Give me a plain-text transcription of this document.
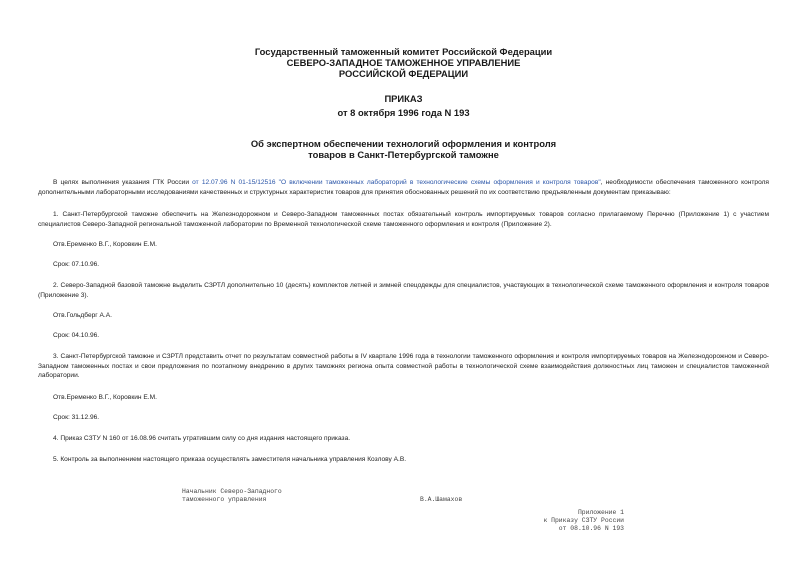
Государственный таможенный комитет Российской Федерации
СЕВЕРО-ЗАПАДНОЕ ТАМОЖЕННОЕ УПРАВЛЕНИЕ
РОССИЙСКОЙ ФЕДЕРАЦИИ
ПРИКАЗ
от 8 октября 1996 года N 193
Об экспертном обеспечении технологий оформления и контроля
товаров в Санкт-Петербургской таможне
В целях выполнения указания ГТК России от 12.07.96 N 01-15/12516 "О включении таможенных лабораторий в технологические схемы оформления и контроля товаров", необходимости обеспечения таможенного контроля дополнительными лабораторными исследованиями качественных и структурных характеристик товаров для принятия обоснованных решений по их соответствию предъявленным документам приказываю:
1. Санкт-Петербургской таможне обеспечить на Железнодорожном и Северо-Западном таможенных постах обязательный контроль импортируемых товаров согласно прилагаемому Перечню (Приложение 1) с участием специалистов Северо-Западной региональной таможенной лаборатории по Временной технологической схеме таможенного оформления и контроля (Приложение 2).
Отв.Еременко В.Г., Коровкин Е.М.
Срок: 07.10.96.
2. Северо-Западной базовой таможне выделить СЗРТЛ дополнительно 10 (десять) комплектов летней и зимней спецодежды для специалистов, участвующих в технологической схеме таможенного оформления и контроля товаров (Приложение 3).
Отв.Гольдберг А.А.
Срок: 04.10.96.
3. Санкт-Петербургской таможне и СЗРТЛ представить отчет по результатам совместной работы в IV квартале 1996 года в технологии таможенного оформления и контроля импортируемых товаров на Железнодорожном и Северо-Западном таможенных постах и свои предложения по поэтапному внедрению в других таможнях региона опыта совместной работы в технологической схеме взаимодействия должностных лиц таможен и специалистов таможенной лаборатории.
Отв.Еременко В.Г., Коровкин Е.М.
Срок: 31.12.96.
4. Приказ СЗТУ N 160 от 16.08.96 считать утратившим силу со дня издания настоящего приказа.
5. Контроль за выполнением настоящего приказа осуществлять заместителя начальника управления Козлову А.В.
Начальник Северо-Западного
таможенного управления	В.А.Шамахов
Приложение 1
к Приказу СЗТУ России
от 08.10.96 N 193
